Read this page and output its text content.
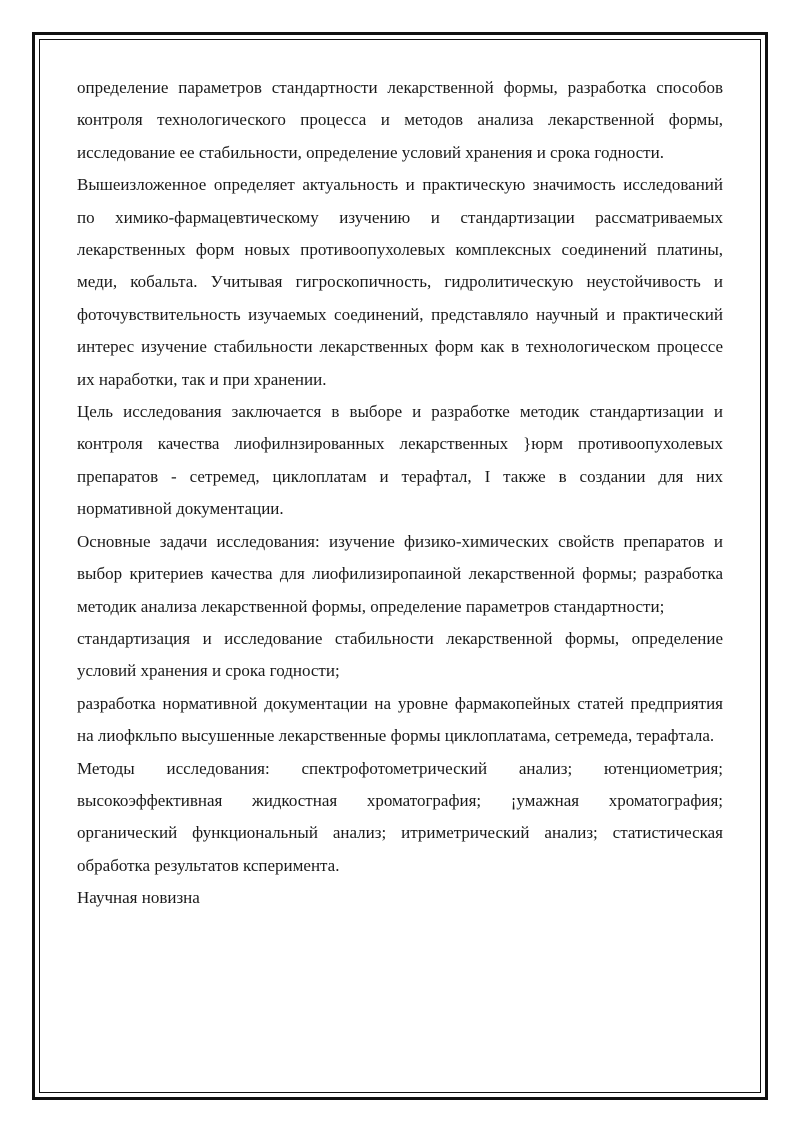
определение параметров стандартности лекарственной формы, разработка способов контроля технологического процесса и методов анализа лекарственной формы, исследование ее стабильности, определение условий хранения и срока годности.

Вышеизложенное определяет актуальность и практическую значимость исследований по химико-фармацевтическому изучению и стандартизации рассматриваемых лекарственных форм новых противоопухолевых комплексных соединений платины, меди, кобальта. Учитывая гигроскопичность, гидролитическую неустойчивость и фоточувствительность изучаемых соединений, представляло научный и практический интерес изучение стабильности лекарственных форм как в технологическом процессе их наработки, так и при хранении.

Цель исследования заключается в выборе и разработке методик стандартизации и контроля качества лиофилнзированных лекарственных }юрм противоопухолевых препаратов - сетремед, циклоплатам и терафтал, I также в создании для них нормативной документации.

Основные задачи исследования: изучение физико-химических свойств препаратов и выбор критериев качества для лиофилизиропаиной лекарственной формы; разработка методик анализа лекарственной формы, определение параметров стандартности;

стандартизация и исследование стабильности лекарственной формы, определение условий хранения и срока годности;

разработка нормативной документации на уровне фармакопейных статей предприятия на лиофкльпо высушенные лекарственные формы циклоплатама, сетремеда, терафтала.

Методы исследования: спектрофотометрический анализ; ютенциометрия; высокоэффективная жидкостная хроматография; ¡умажная хроматография; органический функциональный анализ; итриметрический анализ; статистическая обработка результатов ксперимента.

Научная новизна
